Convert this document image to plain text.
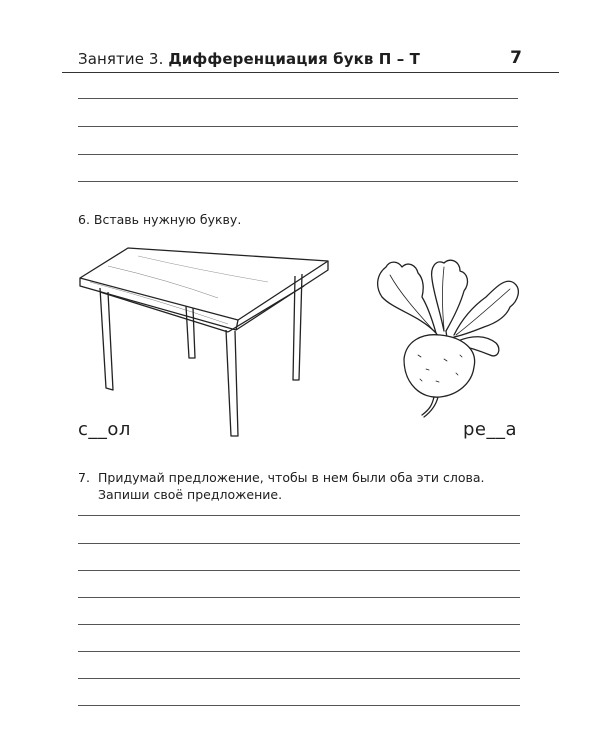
Занятие 3. Дифференциация букв П – Т	7
6. Вставь нужную букву.
с__ол	ре__а
7. Придумай предложение, чтобы в нем были оба эти слова. Запиши своё предложение.
